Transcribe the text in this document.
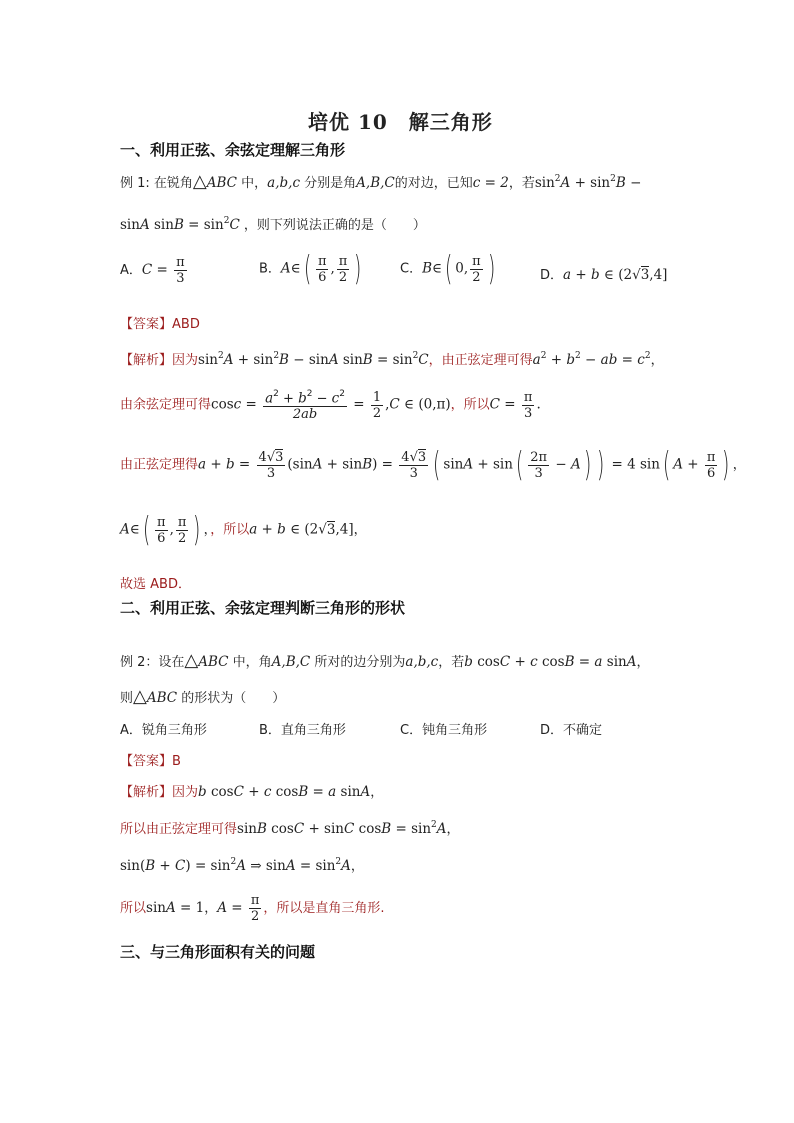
培优 10　解三角形
一、利用正弦、余弦定理解三角形
例 1: 在锐角△ABC 中，a,b,c 分别是角A,B,C的对边，已知c = 2，若$\sin^2A + \sin^2B$ −
sinA $\sin B = \sin^2C$ ，则下列说法正确的是（　　）
A．$C = \frac{\pi}{3}$	B．A∈( $\frac{\pi}{6}$ , $\frac{\pi}{2}$ )	C．B∈( 0, $\frac{\pi}{2}$ )	D．a + b ∈ (2√3,4]
【答案】ABD
【解析】因为$\sin^2A + \sin^2B - \sin A$ $\sin B = \sin^2C$，由正弦定理可得$a^2 + b^2$ − ab = $c^2$，
由余弦定理可得$\cos c = \frac{a^2 + b^2 - c^2}{2ab} = \frac{1}{2} ,C$ ∈ (0,π)，所以$C = \frac{\pi}{3}$ .
由正弦定理得$a + b = \frac{4√3}{3} (\sin A + \sin B) = \frac{4√3}{3}$ ( $\sin A + \sin( \frac{2\pi}{3} - A)$ ) = 4 sin( $A + \frac{\pi}{6}$ ) ，
A∈( $\frac{\pi}{6}$ , $\frac{\pi}{2}$ ) ，，所以a + b ∈ (2√3,4]，
故选 ABD．
二、利用正弦、余弦定理判断三角形的形状
例 2：设在△ABC 中，角A,B,C 所对的边分别为a,b,c，若b cosC + c cosB = a sinA，
则△ABC 的形状为（　　）
A．锐角三角形	B．直角三角形	C．钝角三角形	D．不确定
【答案】B
【解析】因为b cosC + c cosB = a sinA，
所以由正弦定理可得sinB cosC + sinC $\cos B = \sin^2A$，
$\sin(B + C) = \sin^2A$ ⇒ $\sin A = \sin^2A$，
所以sinA = 1，$A = \frac{\pi}{2}$ ，所以是直角三角形.
三、与三角形面积有关的问题
